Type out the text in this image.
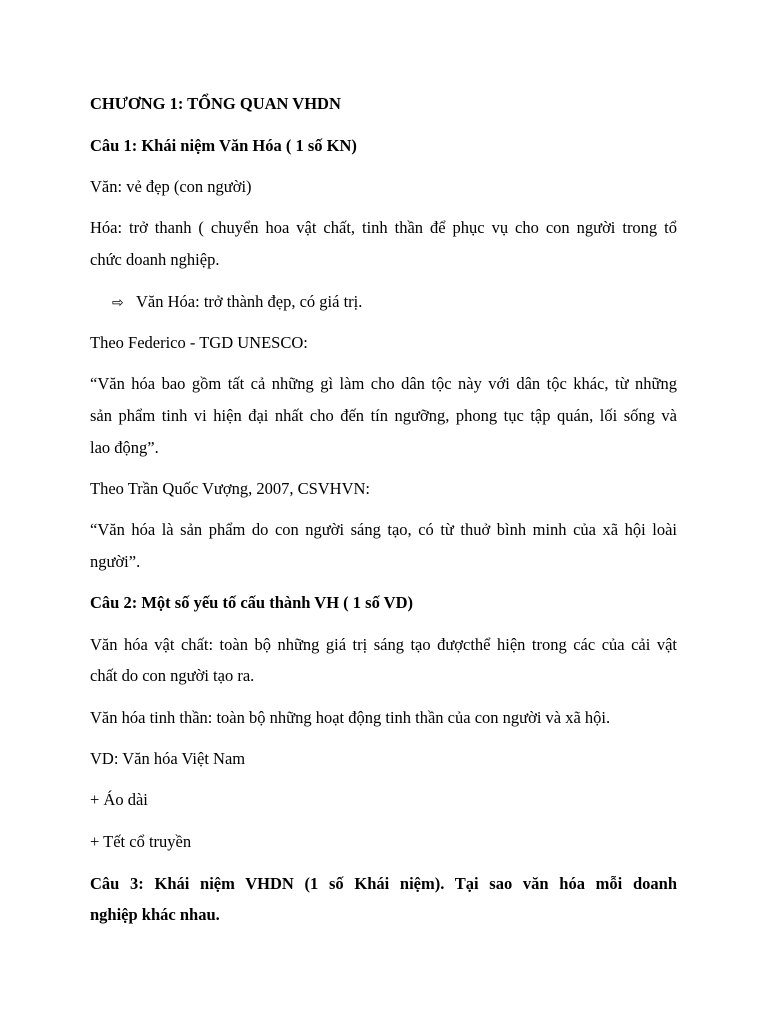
CHƯƠNG 1: TỔNG QUAN VHDN
Câu 1: Khái niệm Văn Hóa ( 1 số KN)
Văn: vẻ đẹp (con người)
Hóa: trở thanh ( chuyển hoa vật chất, tinh thần để phục vụ cho con người trong tổ
chức doanh nghiệp.
⇨ Văn Hóa: trở thành đẹp, có giá trị.
Theo Federico - TGD UNESCO:
“Văn hóa bao gồm tất cả những gì làm cho dân tộc này với dân tộc khác, từ những
sản phẩm tinh vi hiện đại nhất cho đến tín ngưỡng, phong tục tập quán, lối sống và
lao động”.
Theo Trần Quốc Vượng, 2007, CSVHVN:
“Văn hóa là sản phẩm do con người sáng tạo, có từ thuở bình minh của xã hội loài
người”.
Câu 2: Một số yếu tố cấu thành VH ( 1 số VD)
Văn hóa vật chất: toàn bộ những giá trị sáng tạo đượcthể hiện trong các của cải vật
chất do con người tạo ra.
Văn hóa tinh thần: toàn bộ những hoạt động tinh thần của con người và xã hội.
VD: Văn hóa Việt Nam
+ Áo dài
+ Tết cổ truyền
Câu 3: Khái niệm VHDN (1 số Khái niệm). Tại sao văn hóa mỗi doanh
nghiệp khác nhau.
